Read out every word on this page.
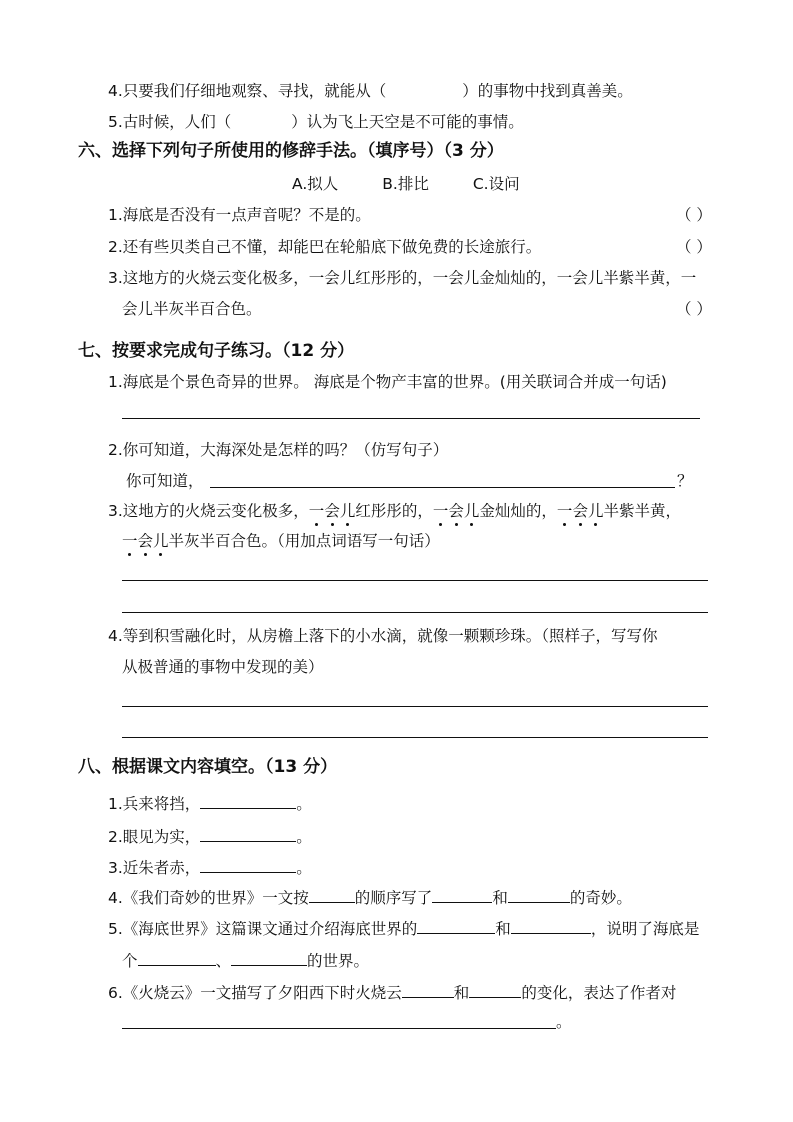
4.只要我们仔细地观察、寻找，就能从（	）的事物中找到真善美。
5.古时候，人们（	）认为飞上天空是不可能的事情。
六、选择下列句子所使用的修辞手法。（填序号）（3 分）
A.拟人	B.排比	C.设问
1.海底是否没有一点声音呢？不是的。	（ ）
2.还有些贝类自己不懂，却能巴在轮船底下做免费的长途旅行。	（ ）
3.这地方的火烧云变化极多，一会儿红彤彤的，一会儿金灿灿的，一会儿半紫半黄，一
会儿半灰半百合色。	（ ）
七、按要求完成句子练习。（12 分）
1.海底是个景色奇异的世界。 海底是个物产丰富的世界。(用关联词合并成一句话)
2.你可知道，大海深处是怎样的吗？（仿写句子）
你可知道，	？
3.这地方的火烧云变化极多，一会儿红彤彤的，一会儿金灿灿的，一会儿半紫半黄，
一会儿半灰半百合色。（用加点词语写一句话）
4.等到积雪融化时，从房檐上落下的小水滴，就像一颗颗珍珠。（照样子，写写你
从极普通的事物中发现的美）
八、根据课文内容填空。（13 分）
1.兵来将挡，	。
2.眼见为实，	。
3.近朱者赤，	。
4.《我们奇妙的世界》一文按	的顺序写了	和	的奇妙。
5.《海底世界》这篇课文通过介绍海底世界的	和	，说明了海底是
个	、	的世界。
6.《火烧云》一文描写了夕阳西下时火烧云	和	的变化，表达了作者对
。
